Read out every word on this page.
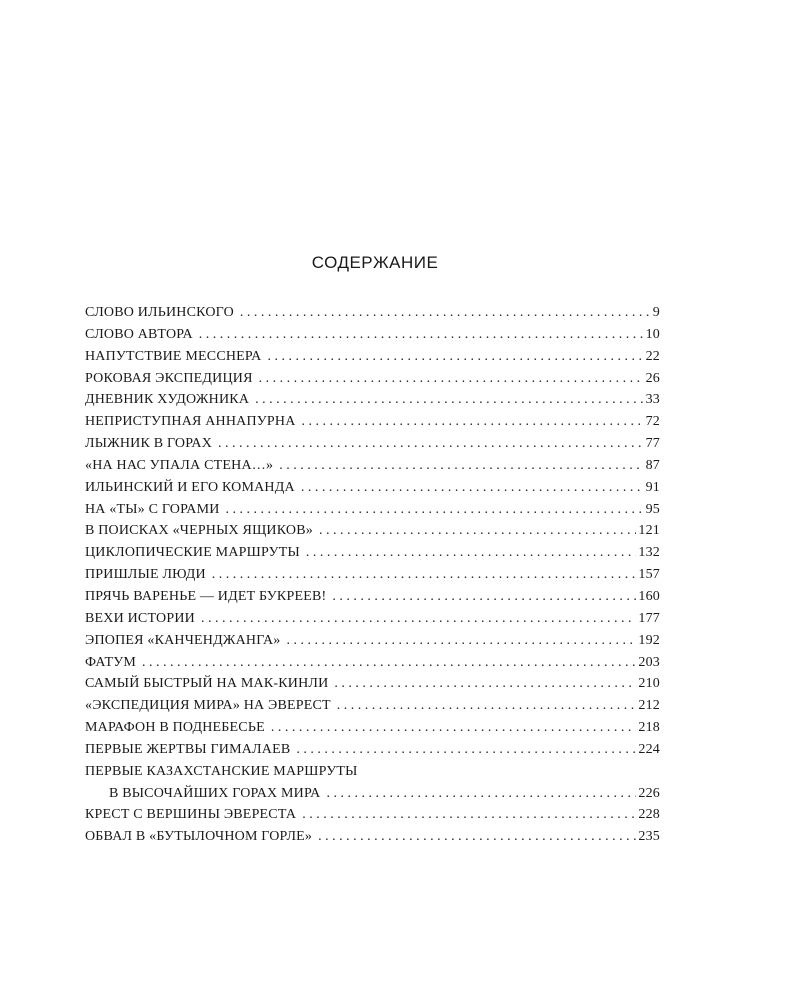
СОДЕРЖАНИЕ
СЛОВО ИЛЬИНСКОГО . . .	9
СЛОВО АВТОРА . . .	10
НАПУТСТВИЕ МЕССНЕРА . . .	22
РОКОВАЯ ЭКСПЕДИЦИЯ . . .	26
ДНЕВНИК ХУДОЖНИКА . . .	33
НЕПРИСТУПНАЯ АННАПУРНА . . .	72
ЛЫЖНИК В ГОРАХ . . .	77
«НА НАС УПАЛА СТЕНА…» . . .	87
ИЛЬИНСКИЙ И ЕГО КОМАНДА . . .	91
НА «ТЫ» С ГОРАМИ . . .	95
В ПОИСКАХ «ЧЕРНЫХ ЯЩИКОВ» . . .	121
ЦИКЛОПИЧЕСКИЕ МАРШРУТЫ . . .	132
ПРИШЛЫЕ ЛЮДИ . . .	157
ПРЯЧЬ ВАРЕНЬЕ — ИДЕТ БУКРЕЕВ! . . .	160
ВЕХИ ИСТОРИИ . . .	177
ЭПОПЕЯ «КАНЧЕНДЖАНГА» . . .	192
ФАТУМ . . .	203
САМЫЙ БЫСТРЫЙ НА МАК-КИНЛИ . . .	210
«ЭКСПЕДИЦИЯ МИРА» НА ЭВЕРЕСТ . . .	212
МАРАФОН В ПОДНЕБЕСЬЕ . . .	218
ПЕРВЫЕ ЖЕРТВЫ ГИМАЛАЕВ . . .	224
ПЕРВЫЕ КАЗАХСТАНСКИЕ МАРШРУТЫ
В ВЫСОЧАЙШИХ ГОРАХ МИРА . . .	226
КРЕСТ С ВЕРШИНЫ ЭВЕРЕСТА . . .	228
ОБВАЛ В «БУТЫЛОЧНОМ ГОРЛЕ» . . .	235
